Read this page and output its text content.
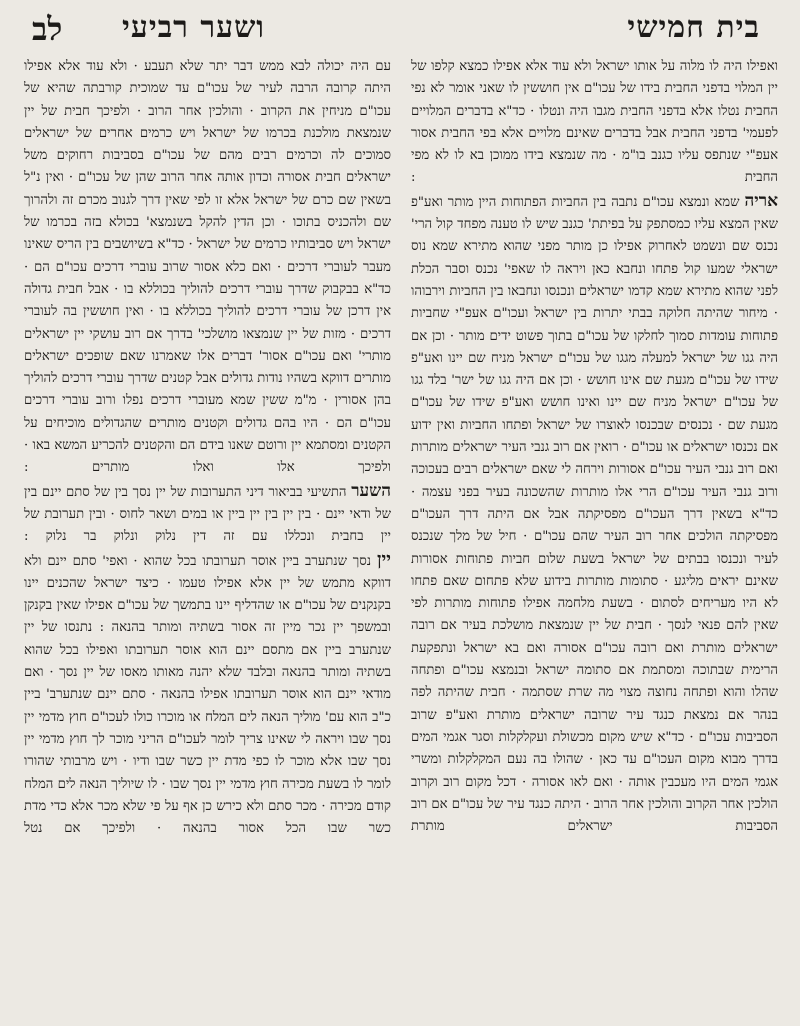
בית חמישי
ושער רביעי
לב

ואפילו היה לו מלוה על אותו ישראל ולא עוד אלא אפילו כמצא קלפו של יין המלוי בדפני החבית בידו של עכו"ם אין חוששין לו שאני אומר לא נפי החבית נטלו אלא בדפני החבית מגבו היה ונטלו · כד"א בדברים המלויים לפעמי' בדפני החבית אבל בדברים שאינם מלויים אלא בפי החבית אסור אעפ"י שנתפס עליו כגנב בו"מ · מה שנמצא בידו ממוכן בא לו לא מפי החבית :

אריה שמא ונמצא עכו"ם נתבה בין החביות הפתוחות היין מותר ואע"פ שאין המצא עליו כמסתפק על בפיתת' כגנב שיש לו טענה מפחד קול הרי' נכנס שם ונשמט לאחרוק אפילו כן מותר מפני שהוא מתירא שמא נוס ישראלי שמעו קול פתחו ונחבא כאן ויראה לו שאפי' נכנס וסבר הכלת לפני שהוא מתירא שמא קדמו ישראלים ונכנסו ונחבאו בין החביות וירבוהו · מיחור שהיתה חלוקה בבתי יתרות בין ישראל ועכו"ם אעפ"י שחביות פתוחות עומדות סמוך לחלקו של עכו"ם בתוך פשוט ידים מותר · וכן אם היה גגו של ישראל למעלה מגגו של עכו"ם ישראל מניח שם יינו ואע"פ שידו של עכו"ם מגעת שם אינו חושש · וכן אם היה גגו של ישר' בלד גגו של עכו"ם ישראל מניח שם יינו ואינו חושש ואע"פ שידו של עכו"ם מגעת שם · נכנסים שבכנסו לאוצרו של ישראל ופתחו החביות ואין ידוע אם נכנסו ישראלים או עכו"ם · רואין אם רוב גנבי העיר ישראלים מותרות ואם רוב גנבי העיר עכו"ם אסורות וירחה לי שאם ישראלים רבים בעכוכה ורוב גנבי העיר עכו"ם הרי אלו מותרות שהשכונה בעיר בפני עצמה · כד"א בשאין דרך העכו"ם מפסיקתה אבל אם היתה דרך העכו"ם מפסיקתה הולכים אחר רוב העיר שהם עכו"ם · חיל של מלך שנכנס לעיר ונכנסו בבתים של ישראל בשעת שלום חביות פתוחות אסורות שאינם יראים מליגע · סתומות מותרות בידוע שלא פתחום שאם פתחו לא היו מעריחים לסתום · בשעת מלחמה אפילו פתוחות מותרות לפי שאין להם פנאי לנסך · חבית של יין שנמצאת מושלכת בעיר אם רובה ישראלים מותרת ואם רובה עכו"ם אסורה ואם בא ישראל ונתפקעת הרימית שבתוכה ומסתמת אם סתומה ישראל ובנמצא עכו"ם ופתחה שהלו והוא ופתחה נחוצה מצוי מה שרת שסתמה · חבית שהיתה לפה בנהר אם נמצאת כנגד עיר שרובה ישראלים מותרת ואע"פ שרוב הסביבות עכו"ם · כד"א שיש מקום מכשולת ועקלקלות וסגר אגמי המים בדרך מבוא מקום העכו"ם עד כאן · שהולו בה נעם המקלקלות ומשרי אגמי המים היו מעכבין אותה · ואם לאו אסורה · דכל מקום רוב וקרוב הולכין אחר הקרוב והולכין אחר הרוב · היתה כנגד עיר של עכו"ם אם רוב הסביבות ישראלים מותרת

עם היה יכולה לבא ממש דבר יתר שלא תעבע · ולא עוד אלא אפילו היתה קרובה הרבה לעיר של עכו"ם עד שמוכית קורבתה שהיא של עכו"ם מניחין את הקרוב · והולכין אחר הרוב · ולפיכך חבית של יין שנמצאת מולכנת בכרמו של ישראל ויש כרמים אחרים של ישראלים סמוכים לה וכרמים רבים מהם של עכו"ם בסביבות רחוקים משל ישראלים חבית אסורה וכדון אותה אחר הרוב שהן של עכו"ם · ואין נ"ל בשאין שם כרם של ישראל אלא זו לפי שאין דרך לגנוב מכרם זה ולהרוך שם ולהכניס בתוכו · וכן הדין להקל בשנמצא' בכולא בזה בכרמו של ישראל ויש סביבותיו כרמים של ישראל · כד"א בשיושבים בין הריס שאינו מעבר לעוברי דרכים · ואם כלא אסור שרוב עוברי דרכים עכו"ם הם · כד"א בבקבוק שדרך עוברי דרכים להוליך בכוללא בו · אבל חבית גדולה אין דרכן של עוברי דרכים להוליך בכוללא בו · ואין חוששין בה לעוברי דרכים · מזות של יין שנמצאו מושלכי' בדרך אם רוב עושקי יין ישראלים מותרי' ואם עכו"ם אסור' דברים אלו שאמרנו שאם שופכים ישראלים מותרים דווקא בשהיו נודות גדולים אבל קטנים שדרך עוברי דרכים להוליך בהן אסורין · מ"מ ששין שמא מעוברי דרכים נפלו ורוב עוברי דרכים עכו"ם הם · היו בהם גדולים וקטנים מותרים שהגדולים מוכיחים על הקטנים ומסתמא יין ורוטם שאנו בידם הם והקטנים להכריע המשא באו · ולפיכך אלו ואלו מותרים :

השער התשיעי בביאור דיני התערובות של יין נסך בין של סתם יינם בין של ודאי יינם · בין יין בין יין ביין או במים ושאר לחוס · ובין תערובת של יין בחבית ונכללו עם זה דין נלוק ונלוק בר נלוק :

יין נסך שנתערב ביין אוסר תערובתו בכל שהוא · ואפי' סתם יינם ולא דווקא מתמש של יין אלא אפילו טעמו · כיצד ישראל שהכנים יינו בקנקנים של עכו"ם או שהדליף יינו בתמשך של עכו"ם אפילו שאין בקנקן ובמשפך יין נכר מיין זה אסור בשתיה ומותר בהנאה : נתנסו של יין שנתערב ביין אם מתסם יינם הוא אוסר תערובתו ואפילו בכל שהוא בשתיה ומותר בהנאה ובלבד שלא יהנה מאותו מאסו של יין נסך · ואם מודאי יינם הוא אוסר תערובתו אפילו בהנאה · סתם יינם שנתערב' ביין כ"ב הוא עם' מוליך הנאה לים המלח או מוכרו כולו לעכו"ם חוץ מדמי יין נסך שבו ויראה לי שאינו צריך לומר לעכו"ם הריני מוכר לך חוץ מדמי יין נסך שבו אלא מוכר לו כפי מדת יין כשר שבו ודיו · ויש מרבותי שהורו לומר לו בשעת מכירה חוץ מדמי יין נסך שבו · לו שיוליך הנאה לים המלח קודם מכירה · מכר סתם ולא כירש כן אף על פי שלא מכר אלא כדי מדת כשר שבו הכל אסור בהנאה · ולפיכך אם נטל
